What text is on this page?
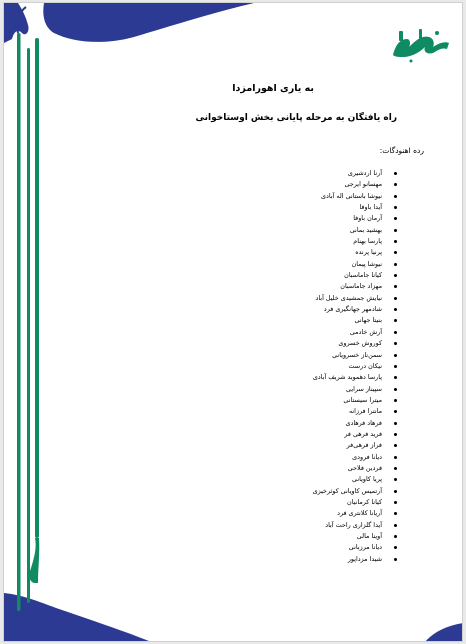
به یاری اهورامزدا
راه یافتگان به مرحله پایانی بخش اوستاخوانی
رده اهنودگات:
آرنا اردشیری
مهسانو ایرجی
نیوشا باستانی اله آبادی
آیدا باوفا
آرمان باوفا
بهشید بمانی
پارسا بهنام
پرنیا پرنده
نیوشا پیمان
کیانا جاماسبان
مهزاد جاماسبان
نیایش جمشیدی خلیل آباد
شادمهر جهانگیری فرد
بنیتا جهانی
آرش خادمی
کوروش خسروی
سمن‌ناز خسرویانی
نیکان درست
پارسا دهموبد شریف آبادی
سپیناز سرایی
میترا سیستانی
مانترا فرزانه
فرهاد فرهادی
فرید فرهی فر
فراز فرهی‌فر
دیانا فرودی
فردین فلاحی
پریا کاویانی
آرتمیس کاویانی کوثرخیزی
کیانا کرمانیان
آریانا کلانتری فرد
آیدا گلزاری راحت آباد
آوینا مالی
دیانا مرزبانی
شیدا مزداپور
